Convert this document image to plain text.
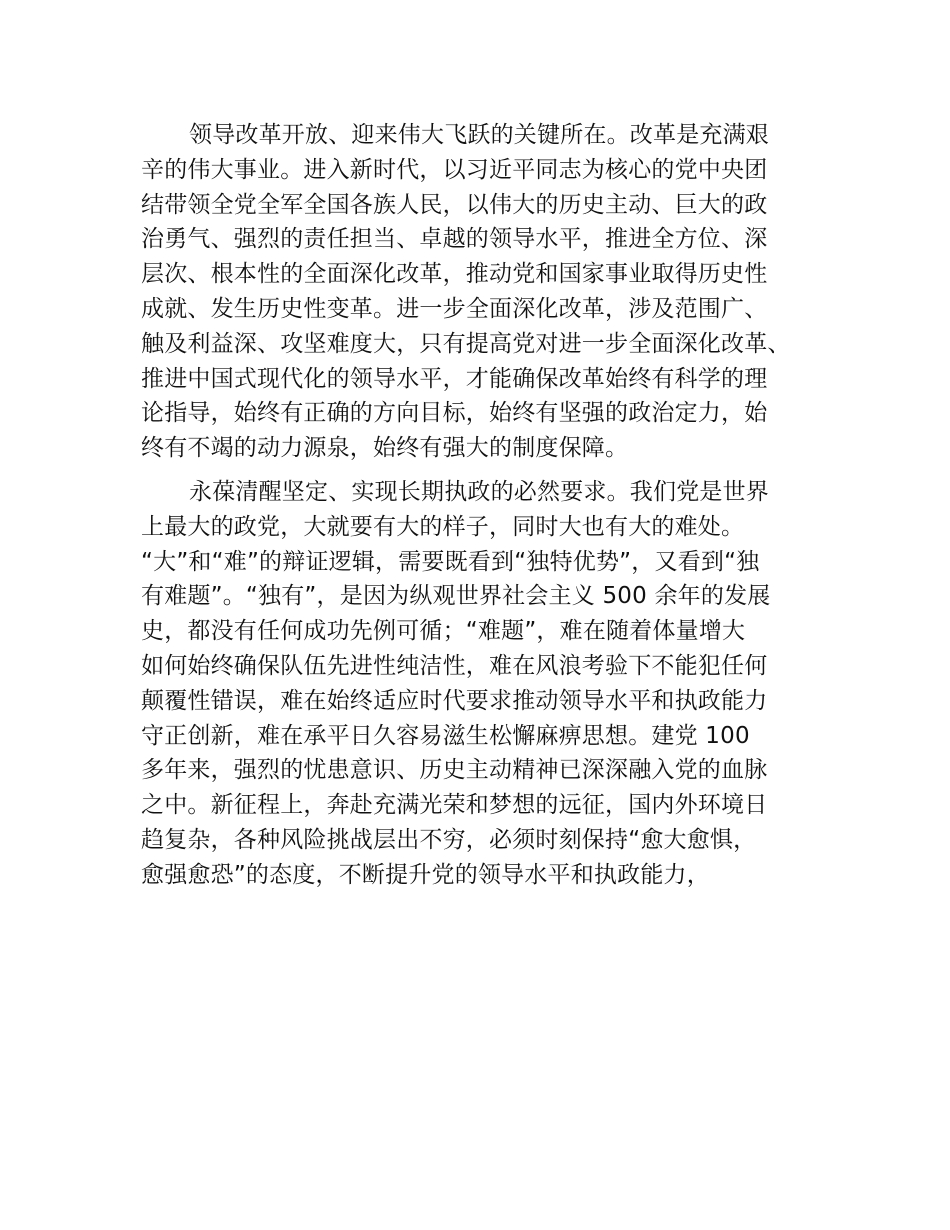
领导改革开放、迎来伟大飞跃的关键所在。改革是充满艰
辛的伟大事业。进入新时代，以习近平同志为核心的党中央团
结带领全党全军全国各族人民，以伟大的历史主动、巨大的政
治勇气、强烈的责任担当、卓越的领导水平，推进全方位、深
层次、根本性的全面深化改革，推动党和国家事业取得历史性
成就、发生历史性变革。进一步全面深化改革，涉及范围广、
触及利益深、攻坚难度大，只有提高党对进一步全面深化改革、
推进中国式现代化的领导水平，才能确保改革始终有科学的理
论指导，始终有正确的方向目标，始终有坚强的政治定力，始
终有不竭的动力源泉，始终有强大的制度保障。
永葆清醒坚定、实现长期执政的必然要求。我们党是世界
上最大的政党，大就要有大的样子，同时大也有大的难处。
“大”和“难”的辩证逻辑，需要既看到“独特优势”，又看到“独
有难题”。“独有”，是因为纵观世界社会主义 500 余年的发展
史，都没有任何成功先例可循；“难题”，难在随着体量增大
如何始终确保队伍先进性纯洁性，难在风浪考验下不能犯任何
颠覆性错误，难在始终适应时代要求推动领导水平和执政能力
守正创新，难在承平日久容易滋生松懈麻痹思想。建党 100
多年来，强烈的忧患意识、历史主动精神已深深融入党的血脉
之中。新征程上，奔赴充满光荣和梦想的远征，国内外环境日
趋复杂，各种风险挑战层出不穷，必须时刻保持“愈大愈惧，
愈强愈恐”的态度，不断提升党的领导水平和执政能力，
